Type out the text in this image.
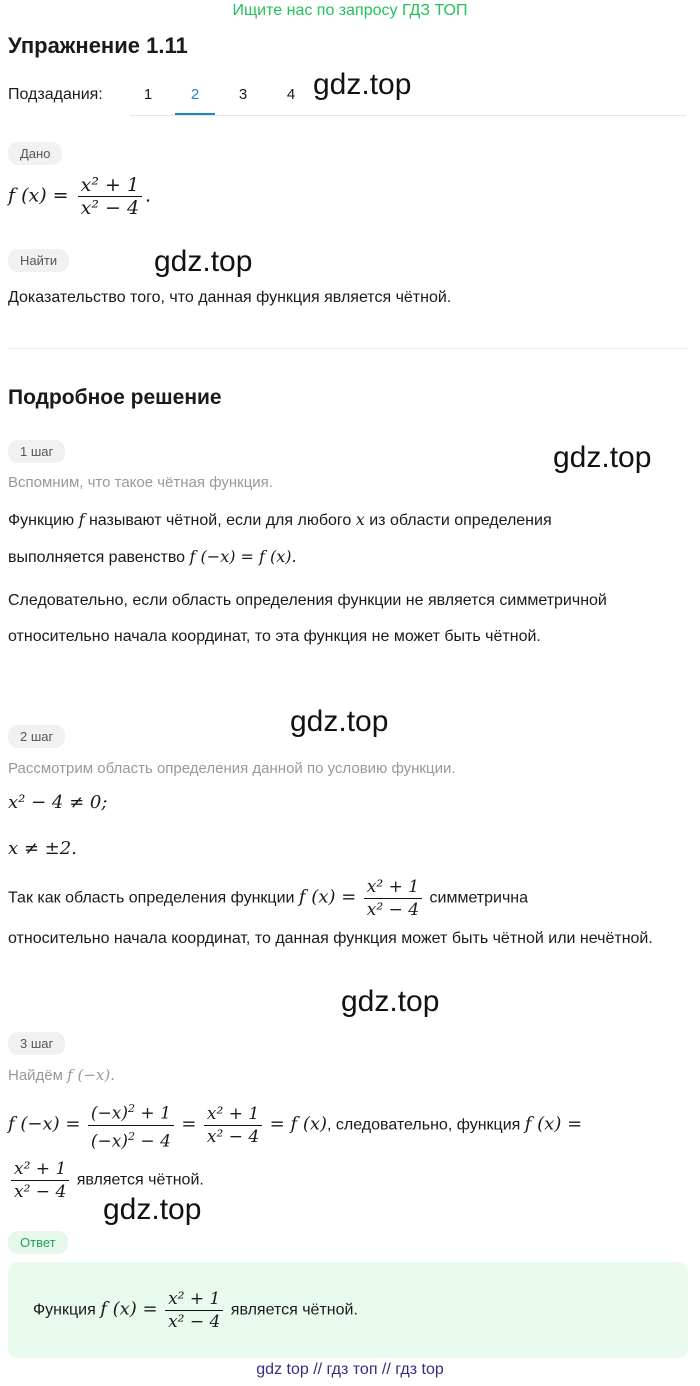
Ищите нас по запросу ГДЗ ТОП
Упражнение 1.11
Подзадания:	1	2	3	4 gdz.top
Дано
f $(x) = \frac{\text{x² + 1}}{\text{x² − 4}}$ .
Найти	gdz.top
Доказательство того, что данная функция является чётной.
Подробное решение
1 шаг	gdz.top
Вспомним, что такое чётная функция.
Функцию f называют чётной, если для любого x из области определения
выполняется равенство f (−x) = f (x).
Следовательно, если область определения функции не является симметричной относительно начала координат, то эта функция не может быть чётной.
gdz.top
2 шаг
Рассмотрим область определения данной по условию функции.
x² − 4 ≠ 0;
x ≠ ±2.
Так как область определения функции f $(x) = \frac{\text{x² + 1}}{\text{x² − 4}}$ симметрична
относительно начала координат, то данная функция может быть чётной или нечётной.
gdz.top
3 шаг
Найдём f (−x).
f $(-x) = \frac{(-x)^2 + 1}{(-x)^2 - 4} = \frac{\text{x² + 1}}{\text{x² − 4}} = f$ (x), следовательно, функция f (x) =
$\frac{\text{x² + 1}}{\text{x² − 4}}$ является чётной.
gdz.top
Ответ
Функция f $(x) = \frac{\text{x² + 1}}{\text{x² − 4}}$ является чётной.
gdz top // гдз топ // гдз top
